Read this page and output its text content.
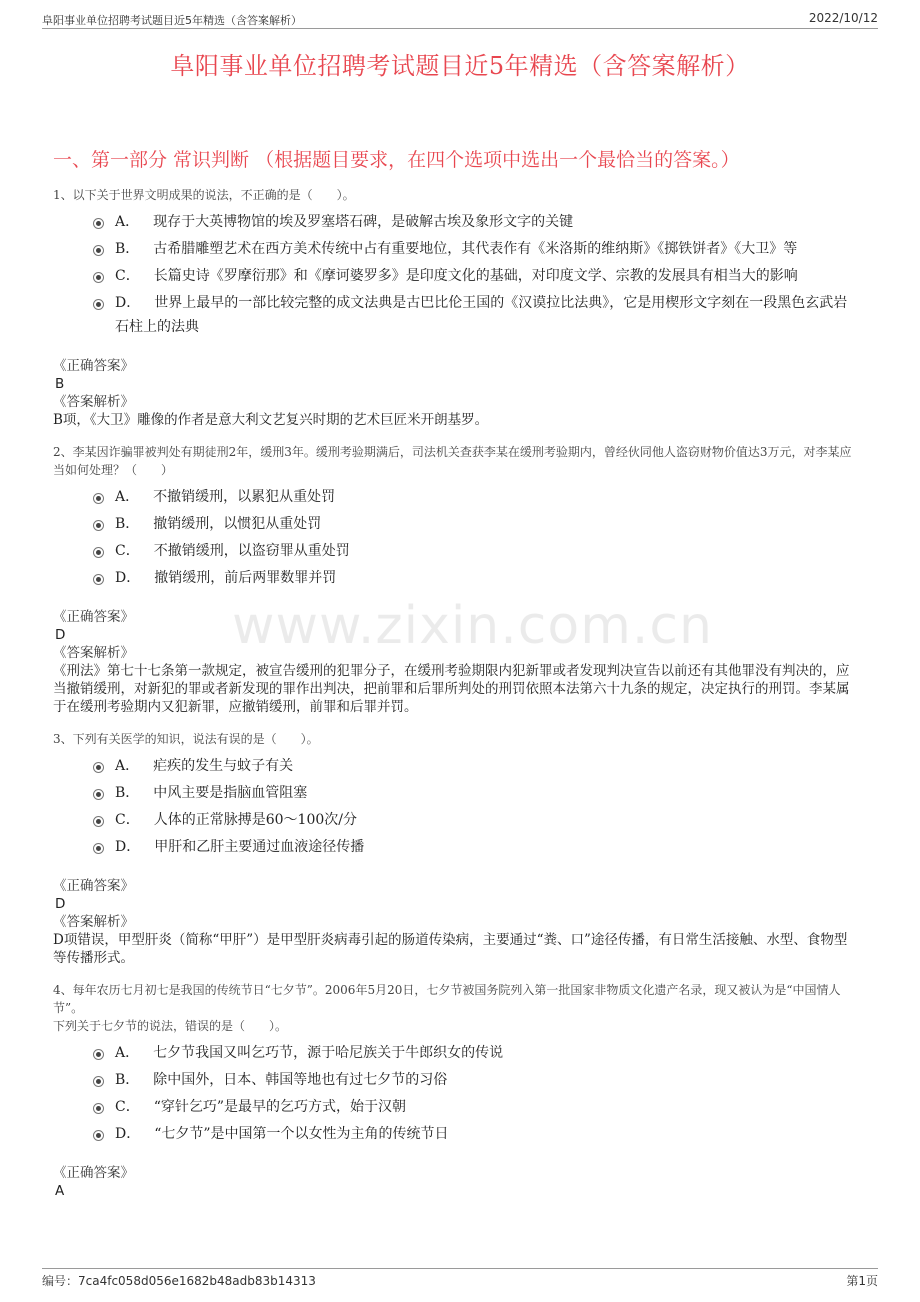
阜阳事业单位招聘考试题目近5年精选（含答案解析）	2022/10/12
阜阳事业单位招聘考试题目近5年精选（含答案解析）
一、第一部分 常识判断 （根据题目要求，在四个选项中选出一个最恰当的答案。）
www.zixin.com.cn
1、以下关于世界文明成果的说法，不正确的是（　　）。
A． 现存于大英博物馆的埃及罗塞塔石碑，是破解古埃及象形文字的关键
B． 古希腊雕塑艺术在西方美术传统中占有重要地位，其代表作有《米洛斯的维纳斯》《掷铁饼者》《大卫》等
C． 长篇史诗《罗摩衍那》和《摩诃婆罗多》是印度文化的基础，对印度文学、宗教的发展具有相当大的影响
D． 世界上最早的一部比较完整的成文法典是古巴比伦王国的《汉谟拉比法典》，它是用楔形文字刻在一段黑色玄武岩石柱上的法典
《正确答案》
B
《答案解析》
B项，《大卫》雕像的作者是意大利文艺复兴时期的艺术巨匠米开朗基罗。
2、李某因诈骗罪被判处有期徒刑2年，缓刑3年。缓刑考验期满后，司法机关查获李某在缓刑考验期内，曾经伙同他人盗窃财物价值达3万元，对李某应当如何处理？（　　）
A． 不撤销缓刑，以累犯从重处罚
B． 撤销缓刑，以惯犯从重处罚
C． 不撤销缓刑，以盗窃罪从重处罚
D． 撤销缓刑，前后两罪数罪并罚
《正确答案》
D
《答案解析》
《刑法》第七十七条第一款规定，被宣告缓刑的犯罪分子，在缓刑考验期限内犯新罪或者发现判决宣告以前还有其他罪没有判决的，应当撤销缓刑，对新犯的罪或者新发现的罪作出判决，把前罪和后罪所判处的刑罚依照本法第六十九条的规定，决定执行的刑罚。李某属于在缓刑考验期内又犯新罪，应撤销缓刑，前罪和后罪并罚。
3、下列有关医学的知识，说法有误的是（　　）。
A． 疟疾的发生与蚊子有关
B． 中风主要是指脑血管阻塞
C． 人体的正常脉搏是60～100次/分
D． 甲肝和乙肝主要通过血液途径传播
《正确答案》
D
《答案解析》
D项错误，甲型肝炎（简称“甲肝”）是甲型肝炎病毒引起的肠道传染病，主要通过“粪、口”途径传播，有日常生活接触、水型、食物型等传播形式。
4、每年农历七月初七是我国的传统节日“七夕节”。2006年5月20日，七夕节被国务院列入第一批国家非物质文化遗产名录，现又被认为是“中国情人节”。
下列关于七夕节的说法，错误的是（　　）。
A． 七夕节我国又叫乞巧节，源于哈尼族关于牛郎织女的传说
B． 除中国外，日本、韩国等地也有过七夕节的习俗
C． “穿针乞巧”是最早的乞巧方式，始于汉朝
D． “七夕节”是中国第一个以女性为主角的传统节日
《正确答案》
A
编号：7ca4fc058d056e1682b48adb83b14313	第1页
